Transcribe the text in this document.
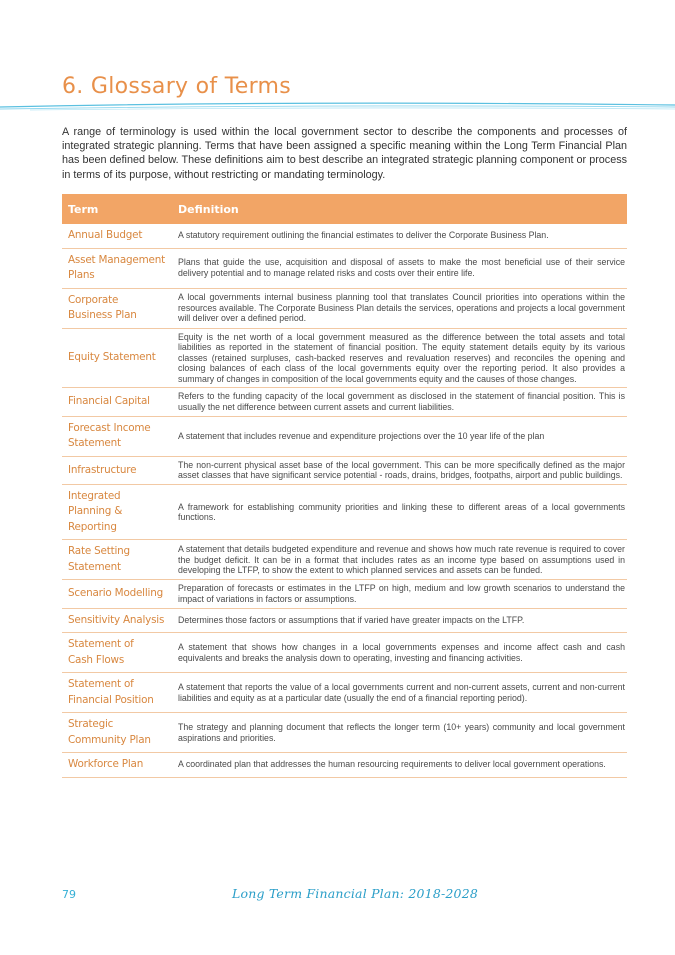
6. Glossary of Terms

A range of terminology is used within the local government sector to describe the components and processes of integrated strategic planning. Terms that have been assigned a specific meaning within the Long Term Financial Plan has been defined below. These definitions aim to best describe an integrated strategic planning component or process in terms of its purpose, without restricting or mandating terminology.

Term	Definition

Annual Budget	A statutory requirement outlining the financial estimates to deliver the Corporate Business Plan.

Asset Management
Plans	Plans that guide the use, acquisition and disposal of assets to make the most beneficial use of their service delivery potential and to manage related risks and costs over their entire life.

Corporate
Business Plan	A local governments internal business planning tool that translates Council priorities into operations within the resources available. The Corporate Business Plan details the services, operations and projects a local government will deliver over a defined period.

Equity Statement	Equity is the net worth of a local government measured as the difference between the total assets and total liabilities as reported in the statement of financial position. The equity statement details equity by its various classes (retained surpluses, cash-backed reserves and revaluation reserves) and reconciles the opening and closing balances of each class of the local governments equity over the reporting period. It also provides a summary of changes in composition of the local governments equity and the causes of those changes.

Financial Capital	Refers to the funding capacity of the local government as disclosed in the statement of financial position. This is usually the net difference between current assets and current liabilities.

Forecast Income
Statement	A statement that includes revenue and expenditure projections over the 10 year life of the plan

Infrastructure	The non-current physical asset base of the local government. This can be more specifically defined as the major asset classes that have significant service potential - roads, drains, bridges, footpaths, airport and public buildings.

Integrated
Planning &
Reporting	A framework for establishing community priorities and linking these to different areas of a local governments functions.

Rate Setting
Statement	A statement that details budgeted expenditure and revenue and shows how much rate revenue is required to cover the budget deficit. It can be in a format that includes rates as an income type based on assumptions used in developing the LTFP, to show the extent to which planned services and assets can be funded.

Scenario Modelling	Preparation of forecasts or estimates in the LTFP on high, medium and low growth scenarios to understand the impact of variations in factors or assumptions.

Sensitivity Analysis	Determines those factors or assumptions that if varied have greater impacts on the LTFP.

Statement of
Cash Flows	A statement that shows how changes in a local governments expenses and income affect cash and cash equivalents and breaks the analysis down to operating, investing and financing activities.

Statement of
Financial Position	A statement that reports the value of a local governments current and non-current assets, current and non-current liabilities and equity as at a particular date (usually the end of a financial reporting period).

Strategic
Community Plan	The strategy and planning document that reflects the longer term (10+ years) community and local government aspirations and priorities.

Workforce Plan	A coordinated plan that addresses the human resourcing requirements to deliver local government operations.
79	Long Term Financial Plan: 2018-2028
